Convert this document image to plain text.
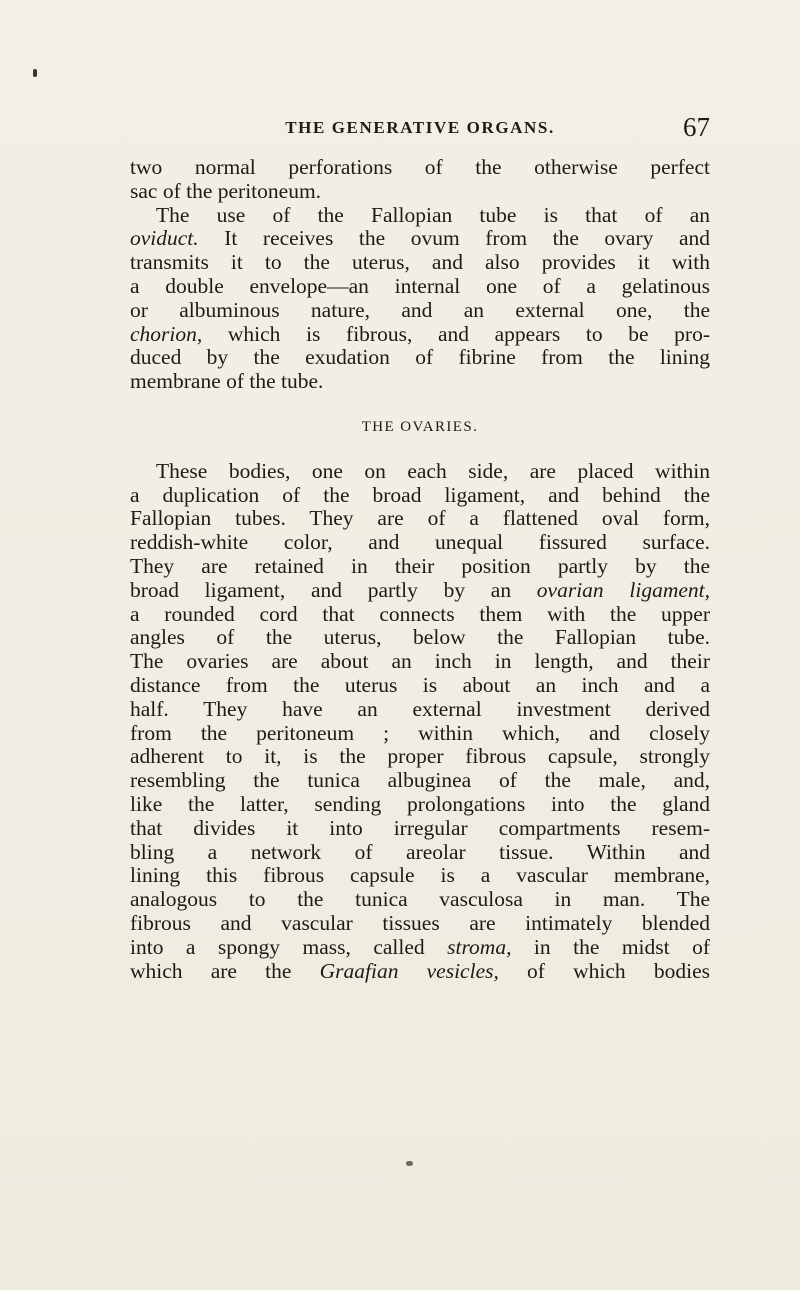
THE GENERATIVE ORGANS.	67
two normal perforations of the otherwise perfect
sac of the peritoneum.
The use of the Fallopian tube is that of an
oviduct. It receives the ovum from the ovary and
transmits it to the uterus, and also provides it with
a double envelope—an internal one of a gelatinous
or albuminous nature, and an external one, the
chorion, which is fibrous, and appears to be pro-
duced by the exudation of fibrine from the lining
membrane of the tube.
THE OVARIES.
These bodies, one on each side, are placed within
a duplication of the broad ligament, and behind the
Fallopian tubes. They are of a flattened oval form,
reddish-white color, and unequal fissured surface.
They are retained in their position partly by the
broad ligament, and partly by an ovarian ligament,
a rounded cord that connects them with the upper
angles of the uterus, below the Fallopian tube.
The ovaries are about an inch in length, and their
distance from the uterus is about an inch and a
half. They have an external investment derived
from the peritoneum ; within which, and closely
adherent to it, is the proper fibrous capsule, strongly
resembling the tunica albuginea of the male, and,
like the latter, sending prolongations into the gland
that divides it into irregular compartments resem-
bling a network of areolar tissue. Within and
lining this fibrous capsule is a vascular membrane,
analogous to the tunica vasculosa in man. The
fibrous and vascular tissues are intimately blended
into a spongy mass, called stroma, in the midst of
which are the Graafian vesicles, of which bodies
